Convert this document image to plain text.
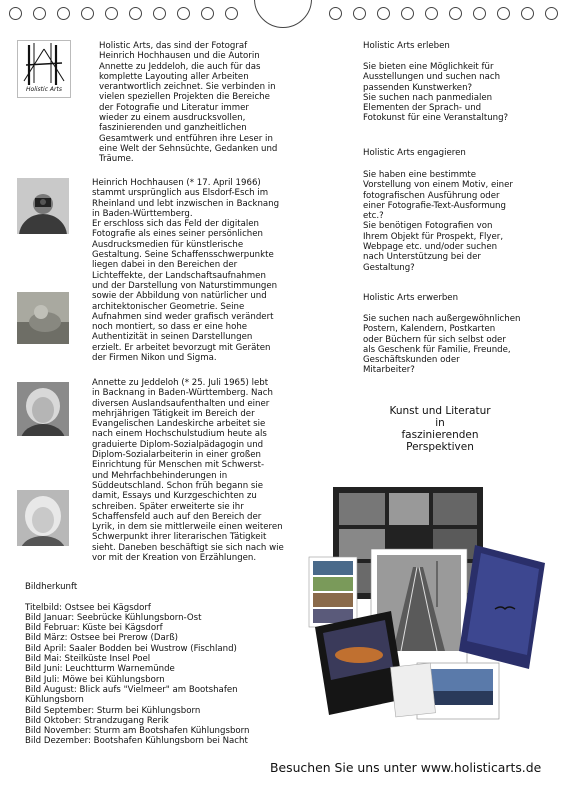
Holistic Arts
Holistic Arts, das sind der Fotograf
Heinrich Hochhausen und die Autorin
Annette zu Jeddeloh, die auch für das
komplette Layouting aller Arbeiten
verantwortlich zeichnet. Sie verbinden in
vielen speziellen Projekten die Bereiche
der Fotografie und Literatur immer
wieder zu einem ausdrucksvollen,
faszinierenden und ganzheitlichen
Gesamtwerk und entführen ihre Leser in
eine Welt der Sehnsüchte, Gedanken und
Träume.
Heinrich Hochhausen (* 17. April 1966)
stammt ursprünglich aus Elsdorf-Esch im
Rheinland und lebt inzwischen in Backnang
in Baden-Württemberg.
Er erschloss sich das Feld der digitalen
Fotografie als eines seiner persönlichen
Ausdrucksmedien für künstlerische
Gestaltung. Seine Schaffensschwerpunkte
liegen dabei in den Bereichen der
Lichteffekte, der Landschaftsaufnahmen
und der Darstellung von Naturstimmungen
sowie der Abbildung von natürlicher und
architektonischer Geometrie. Seine
Aufnahmen sind weder grafisch verändert
noch montiert, so dass er eine hohe
Authentizität in seinen Darstellungen
erzielt. Er arbeitet bevorzugt mit Geräten
der Firmen Nikon und Sigma.
Annette zu Jeddeloh (* 25. Juli 1965) lebt
in Backnang in Baden-Württemberg. Nach
diversen Auslandsaufenthalten und einer
mehrjährigen Tätigkeit im Bereich der
Evangelischen Landeskirche arbeitet sie
nach einem Hochschulstudium heute als
graduierte Diplom-Sozialpädagogin und
Diplom-Sozialarbeiterin in einer großen
Einrichtung für Menschen mit Schwerst-
und Mehrfachbehinderungen in
Süddeutschland. Schon früh begann sie
damit, Essays und Kurzgeschichten zu
schreiben. Später erweiterte sie ihr
Schaffensfeld auch auf den Bereich der
Lyrik, in dem sie mittlerweile einen weiteren
Schwerpunkt ihrer literarischen Tätigkeit
sieht. Daneben beschäftigt sie sich nach wie
vor mit der Kreation von Erzählungen.
Holistic Arts erleben
Sie bieten eine Möglichkeit für
Ausstellungen und suchen nach
passenden Kunstwerken?
Sie suchen nach panmedialen
Elementen der Sprach- und
Fotokunst für eine Veranstaltung?
Holistic Arts engagieren
Sie haben eine bestimmte
Vorstellung von einem Motiv, einer
fotografischen Ausführung oder
einer Fotografie-Text-Ausformung
etc.?
Sie benötigen Fotografien von
Ihrem Objekt für Prospekt, Flyer,
Webpage etc. und/oder suchen
nach Unterstützung bei der
Gestaltung?
Holistic Arts erwerben
Sie suchen nach außergewöhnlichen
Postern, Kalendern, Postkarten
oder Büchern für sich selbst oder
als Geschenk für Familie, Freunde,
Geschäftskunden oder
Mitarbeiter?
Kunst und Literatur
in
faszinierenden
Perspektiven
Bildherkunft

Titelbild: Ostsee bei Kägsdorf
Bild Januar: Seebrücke Kühlungsborn-Ost
Bild Februar: Küste bei Kägsdorf
Bild März: Ostsee bei Prerow (Darß)
Bild April: Saaler Bodden bei Wustrow (Fischland)
Bild Mai: Steilküste Insel Poel
Bild Juni: Leuchtturm Warnemünde
Bild Juli: Möwe bei Kühlungsborn
Bild August: Blick aufs "Vielmeer" am Bootshafen
Kühlungsborn
Bild September: Sturm bei Kühlungsborn
Bild Oktober: Strandzugang Rerik
Bild November: Sturm am Bootshafen Kühlungsborn
Bild Dezember: Bootshafen Kühlungsborn bei Nacht
Besuchen Sie uns unter www.holisticarts.de
